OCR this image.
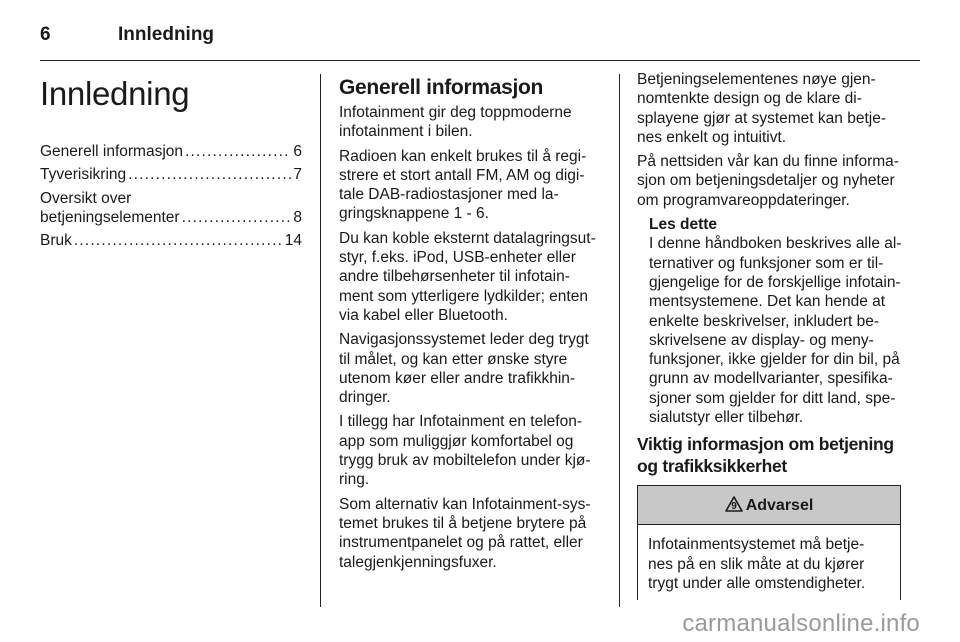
6	Innledning
Innledning
Generell informasjon .....	6
Tyverisikring .....	7
Oversikt over
betjeningselementer .....	8
Bruk .....	14
Generell informasjon

Infotainment gir deg toppmoderne
infotainment i bilen.

Radioen kan enkelt brukes til å regi-
strere et stort antall FM, AM og digi-
tale DAB-radiostasjoner med la-
gringsknappene 1 - 6.

Du kan koble eksternt datalagringsut-
styr, f.eks. iPod, USB-enheter eller
andre tilbehørsenheter til infotain-
ment som ytterligere lydkilder; enten
via kabel eller Bluetooth.

Navigasjonssystemet leder deg trygt
til målet, og kan etter ønske styre
utenom køer eller andre trafikkhin-
dringer.

I tillegg har Infotainment en telefon-
app som muliggjør komfortabel og
trygg bruk av mobiltelefon under kjø-
ring.

Som alternativ kan Infotainment-sys-
temet brukes til å betjene brytere på
instrumentpanelet og på rattet, eller
talegjenkjenningsfuxer.

Betjeningselementenes nøye gjen-
nomtenkte design og de klare di-
splayene gjør at systemet kan betje-
nes enkelt og intuitivt.

På nettsiden vår kan du finne informa-
sjon om betjeningsdetaljer og nyheter
om programvareoppdateringer.

Les dette
I denne håndboken beskrives alle al-
ternativer og funksjoner som er til-
gjengelige for de forskjellige infotain-
mentsystemene. Det kan hende at
enkelte beskrivelser, inkludert be-
skrivelsene av display- og meny-
funksjoner, ikke gjelder for din bil, på
grunn av modellvarianter, spesifika-
sjoner som gjelder for ditt land, spe-
sialutstyr eller tilbehør.
Viktig informasjon om betjening
og trafikksikkerhet
9 Advarsel
Infotainmentsystemet må betje-
nes på en slik måte at du kjører
trygt under alle omstendigheter.
carmanualsonline.info
